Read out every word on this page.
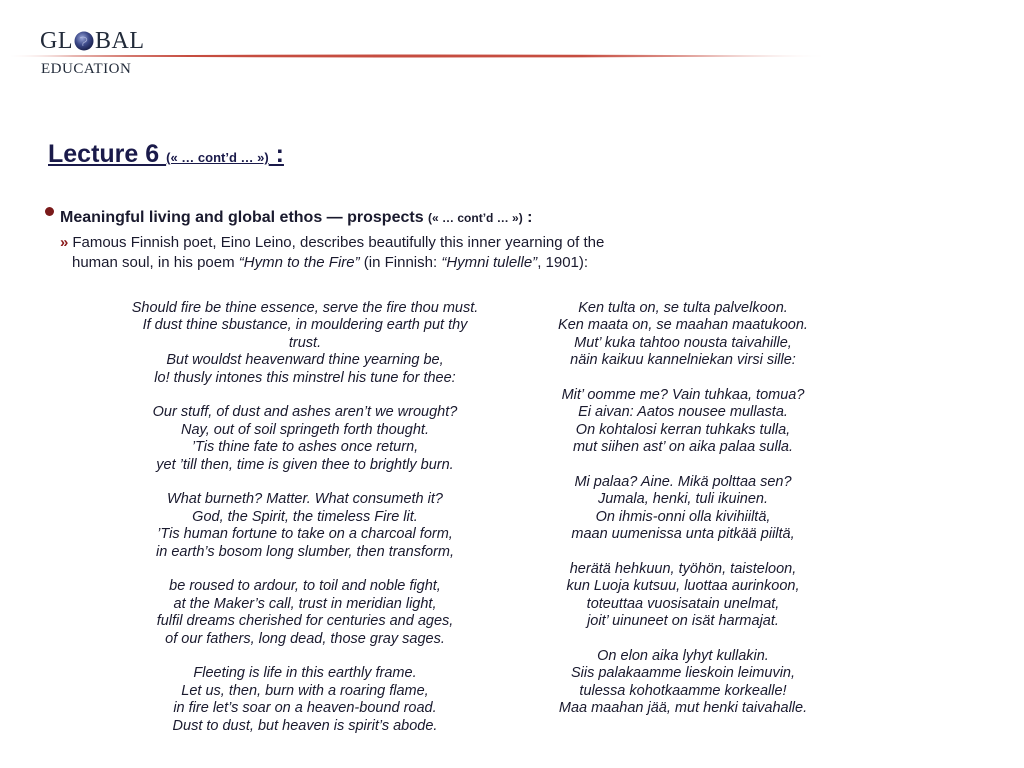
GL BAL
EDUCATION
Lecture 6 (« … cont’d … ») :
Meaningful living and global ethos — prospects (« … cont’d … ») :
» Famous Finnish poet, Eino Leino, describes beautifully this inner yearning of the
human soul, in his poem “Hymn to the Fire” (in Finnish: “Hymni tulelle”, 1901):
Should fire be thine essence, serve the fire thou must.
If dust thine sbustance, in mouldering earth put thy
trust.
But wouldst heavenward thine yearning be,
lo! thusly intones this minstrel his tune for thee:
Our stuff, of dust and ashes aren’t we wrought?
Nay, out of soil springeth forth thought.
’Tis thine fate to ashes once return,
yet ’till then, time is given thee to brightly burn.
What burneth? Matter. What consumeth it?
God, the Spirit, the timeless Fire lit.
’Tis human fortune to take on a charcoal form,
in earth’s bosom long slumber, then transform,
be roused to ardour, to toil and noble fight,
at the Maker’s call, trust in meridian light,
fulfil dreams cherished for centuries and ages,
of our fathers, long dead, those gray sages.
Fleeting is life in this earthly frame.
Let us, then, burn with a roaring flame,
in fire let’s soar on a heaven-bound road.
Dust to dust, but heaven is spirit’s abode.
Ken tulta on, se tulta palvelkoon.
Ken maata on, se maahan maatukoon.
Mut’ kuka tahtoo nousta taivahille,
näin kaikuu kannelniekan virsi sille:
Mit’ oomme me? Vain tuhkaa, tomua?
Ei aivan: Aatos nousee mullasta.
On kohtalosi kerran tuhkaks tulla,
mut siihen ast’ on aika palaa sulla.
Mi palaa? Aine. Mikä polttaa sen?
Jumala, henki, tuli ikuinen.
On ihmis-onni olla kivihiiltä,
maan uumenissa unta pitkää piiltä,
herätä hehkuun, työhön, taisteloon,
kun Luoja kutsuu, luottaa aurinkoon,
toteuttaa vuosisatain unelmat,
joit’ uinuneet on isät harmajat.
On elon aika lyhyt kullakin.
Siis palakaamme lieskoin leimuvin,
tulessa kohotkaamme korkealle!
Maa maahan jää, mut henki taivahalle.
